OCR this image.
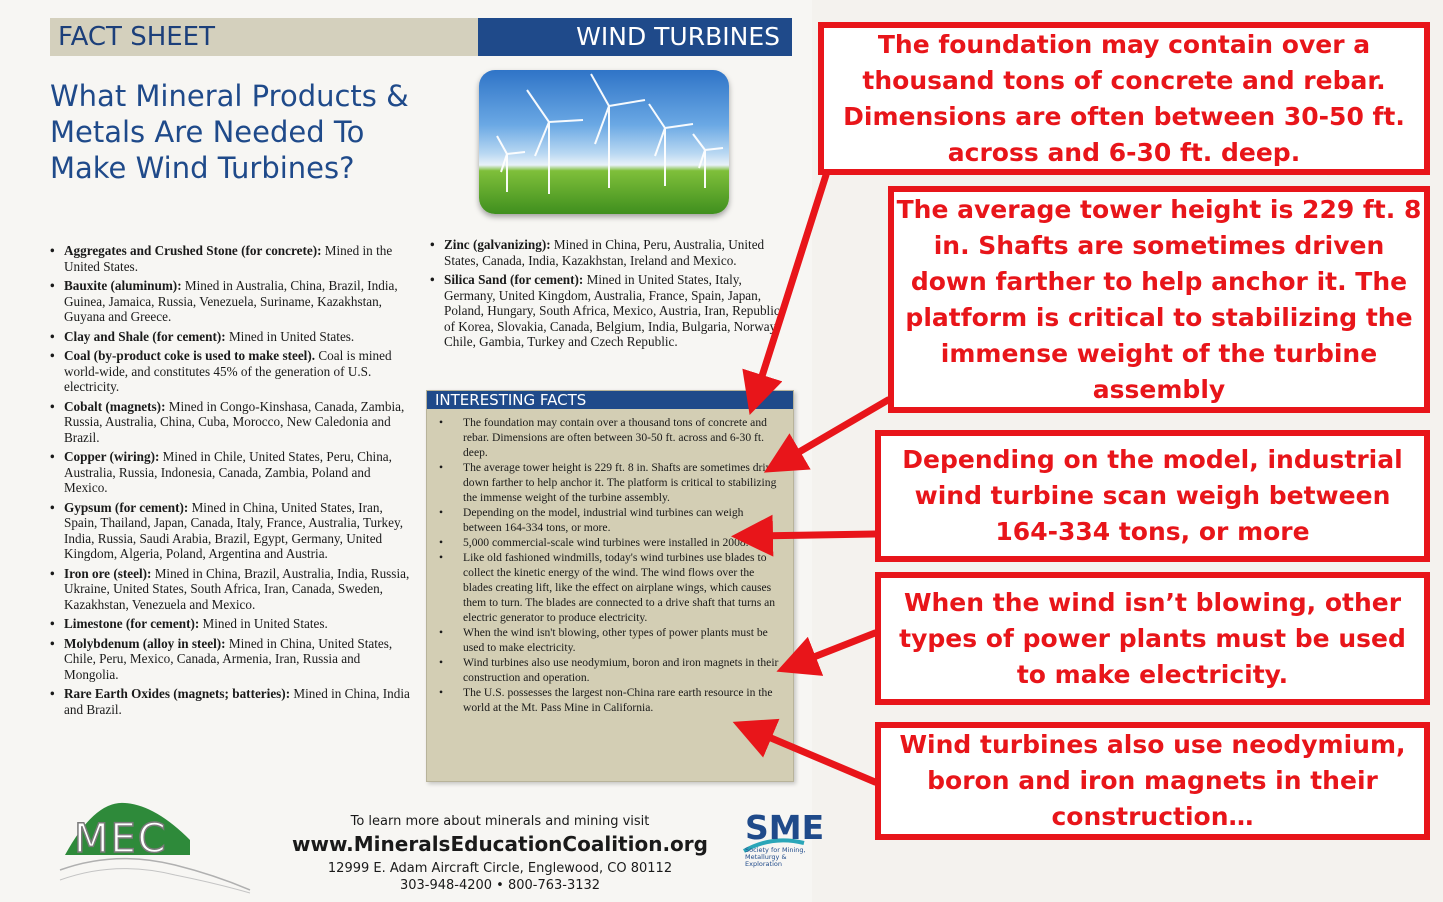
FACT SHEET	WIND TURBINES
What Mineral Products & Metals Are Needed To Make Wind Turbines?
• Aggregates and Crushed Stone (for concrete): Mined in the United States.
• Bauxite (aluminum): Mined in Australia, China, Brazil, India, Guinea, Jamaica, Russia, Venezuela, Suriname, Kazakhstan, Guyana and Greece.
• Clay and Shale (for cement): Mined in United States.
• Coal (by-product coke is used to make steel). Coal is mined world-wide, and constitutes 45% of the generation of U.S. electricity.
• Cobalt (magnets): Mined in Congo-Kinshasa, Canada, Zambia, Russia, Australia, China, Cuba, Morocco, New Caledonia and Brazil.
• Copper (wiring): Mined in Chile, United States, Peru, China, Australia, Russia, Indonesia, Canada, Zambia, Poland and Mexico.
• Gypsum (for cement): Mined in China, United States, Iran, Spain, Thailand, Japan, Canada, Italy, France, Australia, Turkey, India, Russia, Saudi Arabia, Brazil, Egypt, Germany, United Kingdom, Algeria, Poland, Argentina and Austria.
• Iron ore (steel): Mined in China, Brazil, Australia, India, Russia, Ukraine, United States, South Africa, Iran, Canada, Sweden, Kazakhstan, Venezuela and Mexico.
• Limestone (for cement): Mined in United States.
• Molybdenum (alloy in steel): Mined in China, United States, Chile, Peru, Mexico, Canada, Armenia, Iran, Russia and Mongolia.
• Rare Earth Oxides (magnets; batteries): Mined in China, India and Brazil.
• Zinc (galvanizing): Mined in China, Peru, Australia, United States, Canada, India, Kazakhstan, Ireland and Mexico.
• Silica Sand (for cement): Mined in United States, Italy, Germany, United Kingdom, Australia, France, Spain, Japan, Poland, Hungary, South Africa, Mexico, Austria, Iran, Republic of Korea, Slovakia, Canada, Belgium, India, Bulgaria, Norway, Chile, Gambia, Turkey and Czech Republic.
INTERESTING FACTS
• The foundation may contain over a thousand tons of concrete and rebar. Dimensions are often between 30-50 ft. across and 6-30 ft. deep.
• The average tower height is 229 ft. 8 in. Shafts are sometimes driven down farther to help anchor it. The platform is critical to stabilizing the immense weight of the turbine assembly.
• Depending on the model, industrial wind turbines can weigh between 164-334 tons, or more.
• 5,000 commercial-scale wind turbines were installed in 2008.
• Like old fashioned windmills, today's wind turbines use blades to collect the kinetic energy of the wind. The wind flows over the blades creating lift, like the effect on airplane wings, which causes them to turn. The blades are connected to a drive shaft that turns an electric generator to produce electricity.
• When the wind isn't blowing, other types of power plants must be used to make electricity.
• Wind turbines also use neodymium, boron and iron magnets in their construction and operation.
• The U.S. possesses the largest non-China rare earth resource in the world at the Mt. Pass Mine in California.
MEC	To learn more about minerals and mining visit
www.MineralsEducationCoalition.org
12999 E. Adam Aircraft Circle, Englewood, CO 80112
303-948-4200 • 800-763-3132
SME
Society for Mining, Metallurgy & Exploration
The foundation may contain over a thousand tons of concrete and rebar. Dimensions are often between 30-50 ft. across and 6-30 ft. deep.
The average tower height is 229 ft. 8 in. Shafts are sometimes driven down farther to help anchor it. The platform is critical to stabilizing the immense weight of the turbine assembly
Depending on the model, industrial wind turbine scan weigh between 164-334 tons, or more
When the wind isn’t blowing, other types of power plants must be used to make electricity.
Wind turbines also use neodymium, boron and iron magnets in their construction…
